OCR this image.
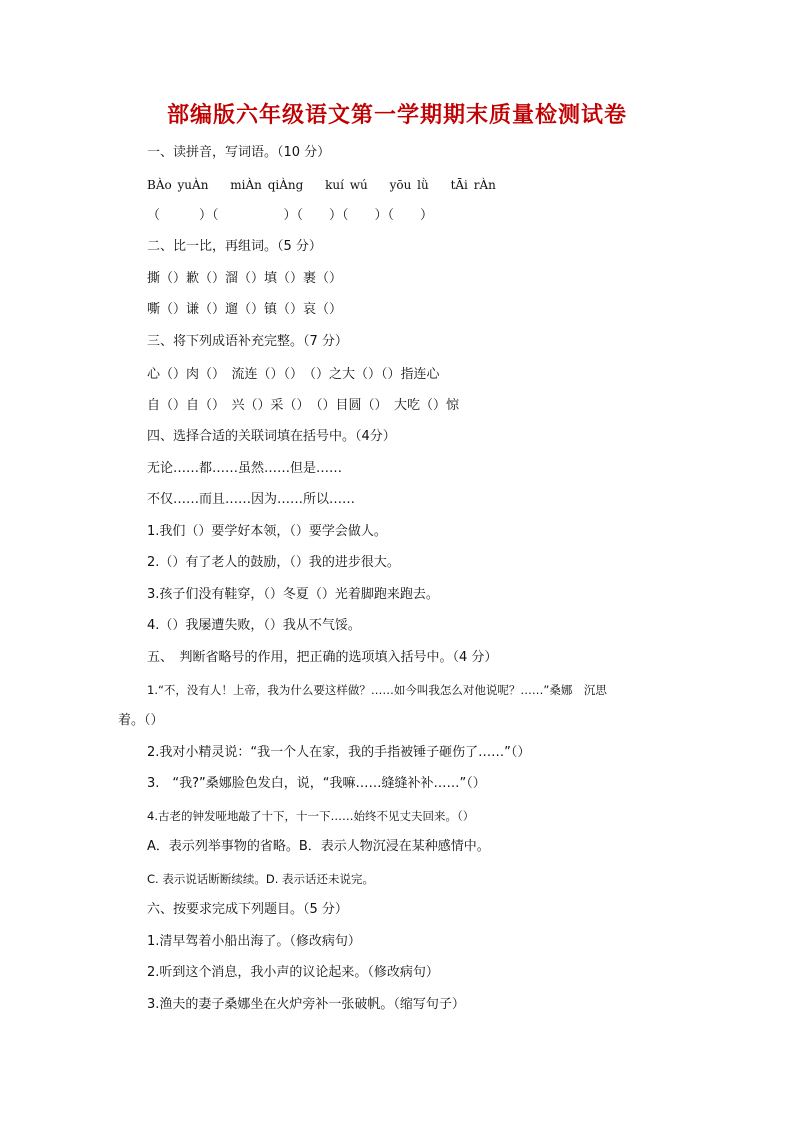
部编版六年级语文第一学期期末质量检测试卷
一、读拼音，写词语。（10 分）
BÀo yuÀn miÀn qiÀng kuí wú yōu lǜ tĀi rÀn
（　　　）（　　　　　）（　　）（　　）（　　）
二、比一比，再组词。（5 分）
撕（）歉（）溜（）填（）裹（）
嘶（）谦（）遛（）镇（）哀（）
三、将下列成语补充完整。（7 分）
心（）肉（）　流连（）（）　（）之大（）（）指连心
自（）自（）　兴（）采（）　（）目圆（）　大吃（）惊
四、选择合适的关联词填在括号中。（4分）
无论……都……虽然……但是……
不仅……而且……因为……所以……
1.我们（）要学好本领，（）要学会做人。
2.（）有了老人的鼓励，（）我的进步很大。
3.孩子们没有鞋穿，（）冬夏（）光着脚跑来跑去。
4.（）我屡遭失败，（）我从不气馁。
五、　判断省略号的作用，把正确的选项填入括号中。（4 分）
1.“不，没有人！上帝，我为什么要这样做？……如今叫我怎么对他说呢？……”桑娜　沉思
着。（）
2.我对小精灵说：“我一个人在家，我的手指被锤子砸伤了……”（）
3.　“我?”桑娜脸色发白，说，“我嘛……缝缝补补……”（）
4.古老的钟发哑地敲了十下，十一下……始终不见丈夫回来。（）
A．表示列举事物的省略。B．表示人物沉浸在某种感情中。
C. 表示说话断断续续。D. 表示话还未说完。
六、按要求完成下列题目。（5 分）
1.清早驾着小船出海了。（修改病句）
2.听到这个消息，我小声的议论起来。（修改病句）
3.渔夫的妻子桑娜坐在火炉旁补一张破帆。（缩写句子）
